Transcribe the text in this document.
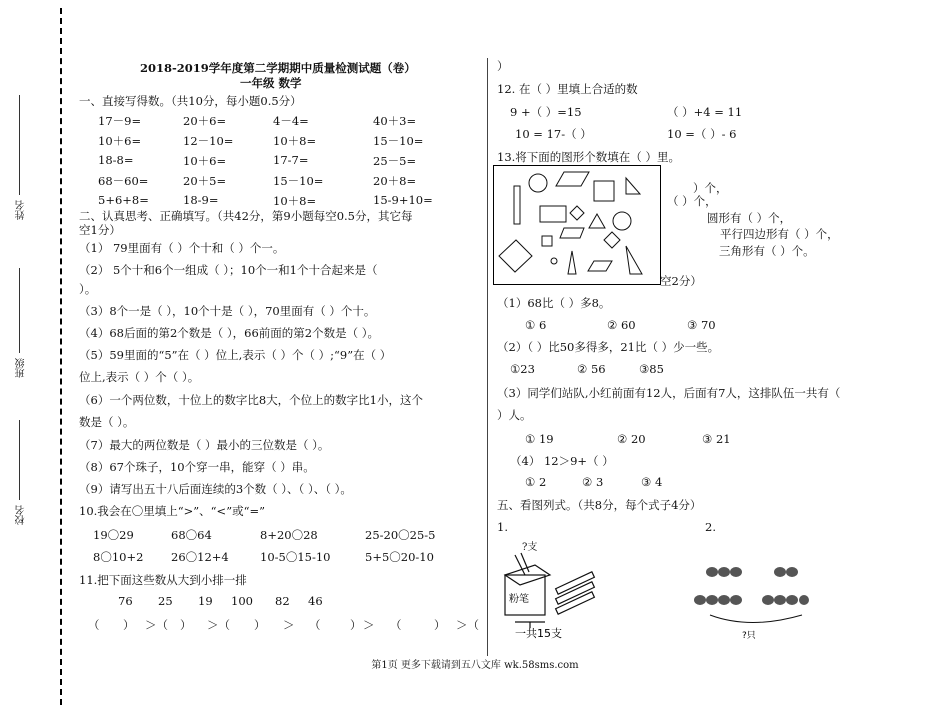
姓名
班级
校名
2018-2019学年度第二学期期中质量检测试题（卷）
一年级 数学
一、直接写得数。（共10分，每小题0.5分）
17－9=	20＋6=	4－4=	40＋3=
10＋6=	12－10=	10＋8=	15－10=
18-8=	10＋6=	17-7=	25－5=
68－60=	20＋5=	15－10=	20＋8=
5+6+8=	18-9=	10＋8=	15-9+10=
二、认真思考、正确填写。（共42分，第9小题每空0.5分，其它每
空1分）
（1） 79里面有（ ）个十和（ ）个一。
（2） 5个十和6个一组成（ ）；10个一和1个十合起来是（
）。
（3）8个一是（ ），10个十是（ ），70里面有（ ）个十。
（4）68后面的第2个数是（ ），66前面的第2个数是（ ）。
（5）59里面的“5”在（ ）位上,表示（ ）个（ ）;“9”在（ ）
位上,表示（ ）个（ ）。
（6）一个两位数，十位上的数字比8大，个位上的数字比1小，这个
数是（ ）。
（7）最大的两位数是（ ）最小的三位数是（ ）。
（8）67个珠子，10个穿一串，能穿（ ）串。
（9）请写出五十八后面连续的3个数（ ）、（ ）、（ ）。
10.我会在〇里填上“>”、“<”或“=”
19〇29	68〇64	8+20〇28	25-20〇25-5
8〇10+2 26〇12+4	10-5〇15-10	5+5〇20-10
11.把下面这些数从大到小排一排
76 25 19 100 82 46
（ ） ＞（ ） ＞（ ） ＞ （	） ＞ （	） ＞（
）
12. 在（ ）里填上合适的数
9 +（ ）=15	（ ）+4 = 11
10 = 17-（ ）	10 =（ ）- 6
13.将下面的图形个数填在（ ）里。
）个，
（ ）个，
圆形有（ ）个，
平行四边形有（ ）个，
三角形有（ ）个。
空2分）
（1）68比（ ）多8。
① 6	② 60	③ 70
（2）（ ）比50多得多，21比（ ）少一些。
①23	② 56	③85
（3）同学们站队,小红前面有12人，后面有7人，这排队伍一共有（
）人。
① 19	② 20	③ 21
（4） 12＞9+（ ）
① 2	② 3	③ 4
五、看图列式。（共8分，每个式子4分）
1.	2.
?支
粉笔
一共15支	?只
第1页 更多下载请到五八文库 wk.58sms.com
